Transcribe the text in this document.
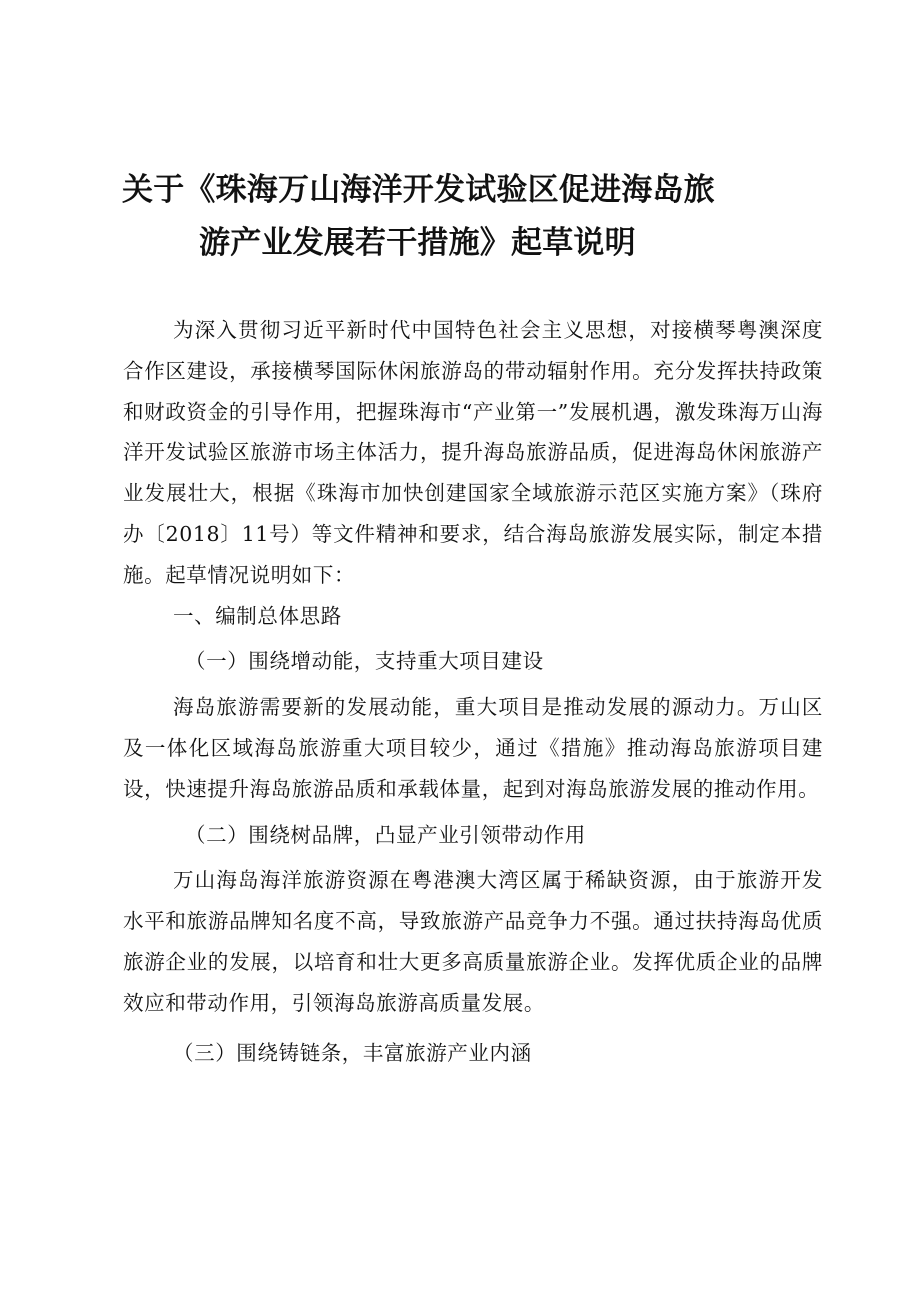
关于《珠海万山海洋开发试验区促进海岛旅
游产业发展若干措施》起草说明

为深入贯彻习近平新时代中国特色社会主义思想，对接横琴粤澳深度合作区建设，承接横琴国际休闲旅游岛的带动辐射作用。充分发挥扶持政策和财政资金的引导作用，把握珠海市“产业第一”发展机遇，激发珠海万山海洋开发试验区旅游市场主体活力，提升海岛旅游品质，促进海岛休闲旅游产业发展壮大，根据《珠海市加快创建国家全域旅游示范区实施方案》（珠府办〔2018〕11号）等文件精神和要求，结合海岛旅游发展实际，制定本措施。起草情况说明如下：

一、编制总体思路

（一）围绕增动能，支持重大项目建设

海岛旅游需要新的发展动能，重大项目是推动发展的源动力。万山区及一体化区域海岛旅游重大项目较少，通过《措施》推动海岛旅游项目建设，快速提升海岛旅游品质和承载体量，起到对海岛旅游发展的推动作用。

（二）围绕树品牌，凸显产业引领带动作用

万山海岛海洋旅游资源在粤港澳大湾区属于稀缺资源，由于旅游开发水平和旅游品牌知名度不高，导致旅游产品竞争力不强。通过扶持海岛优质旅游企业的发展，以培育和壮大更多高质量旅游企业。发挥优质企业的品牌效应和带动作用，引领海岛旅游高质量发展。

（三）围绕铸链条，丰富旅游产业内涵
